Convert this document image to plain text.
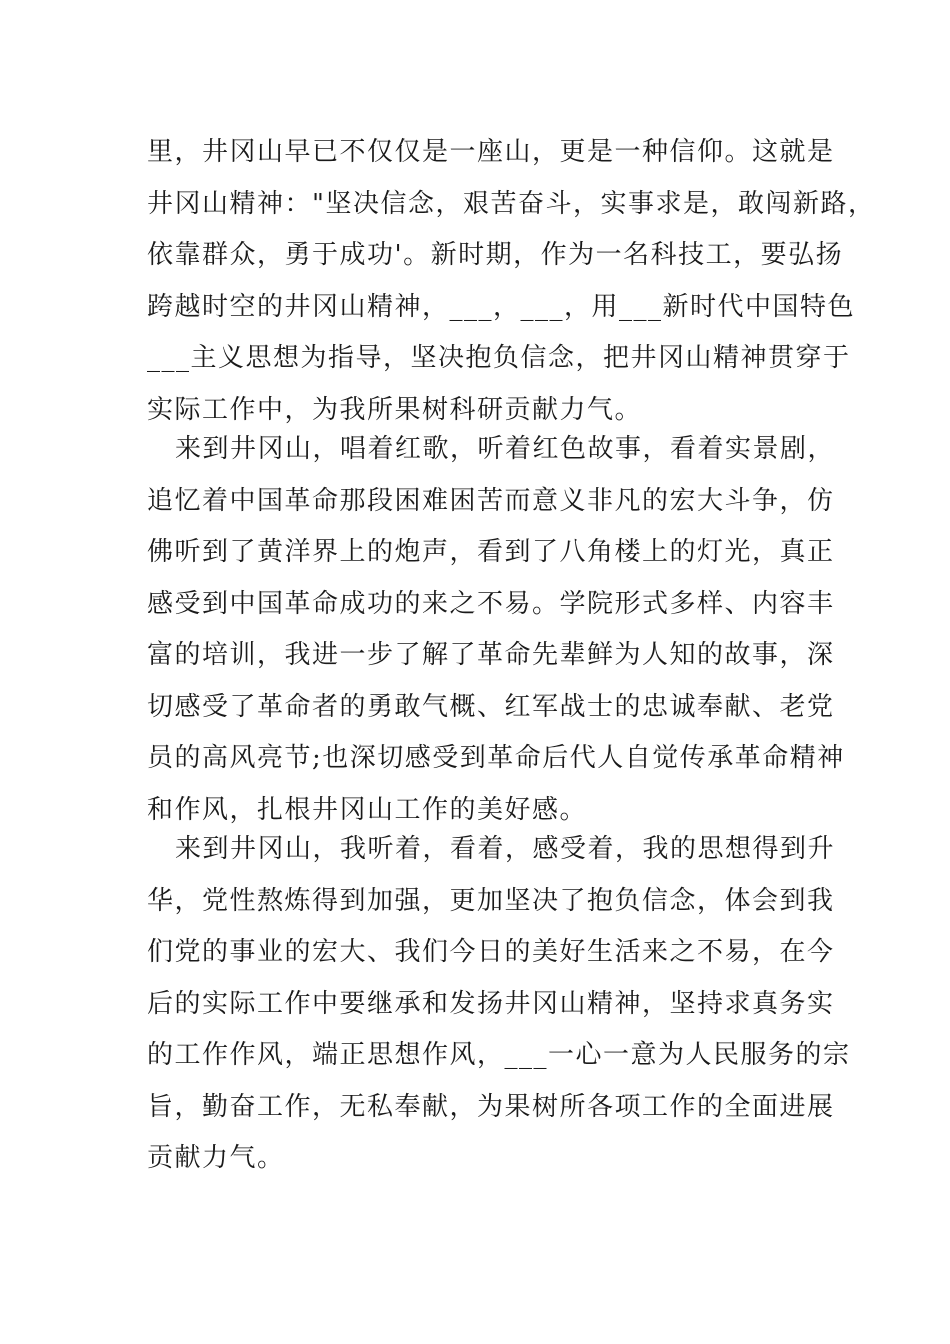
里，井冈山早已不仅仅是一座山，更是一种信仰。这就是
井冈山精神："坚决信念，艰苦奋斗，实事求是，敢闯新路，
依靠群众，勇于成功'。新时期，作为一名科技工，要弘扬
跨越时空的井冈山精神，___，___，用___新时代中国特色
___主义思想为指导，坚决抱负信念，把井冈山精神贯穿于
实际工作中，为我所果树科研贡献力气。
来到井冈山，唱着红歌，听着红色故事，看着实景剧，
追忆着中国革命那段困难困苦而意义非凡的宏大斗争，仿
佛听到了黄洋界上的炮声，看到了八角楼上的灯光，真正
感受到中国革命成功的来之不易。学院形式多样、内容丰
富的培训，我进一步了解了革命先辈鲜为人知的故事，深
切感受了革命者的勇敢气概、红军战士的忠诚奉献、老党
员的高风亮节;也深切感受到革命后代人自觉传承革命精神
和作风，扎根井冈山工作的美好感。
来到井冈山，我听着，看着，感受着，我的思想得到升
华，党性熬炼得到加强，更加坚决了抱负信念，体会到我
们党的事业的宏大、我们今日的美好生活来之不易，在今
后的实际工作中要继承和发扬井冈山精神，坚持求真务实
的工作作风，端正思想作风，___一心一意为人民服务的宗
旨，勤奋工作，无私奉献，为果树所各项工作的全面进展
贡献力气。
